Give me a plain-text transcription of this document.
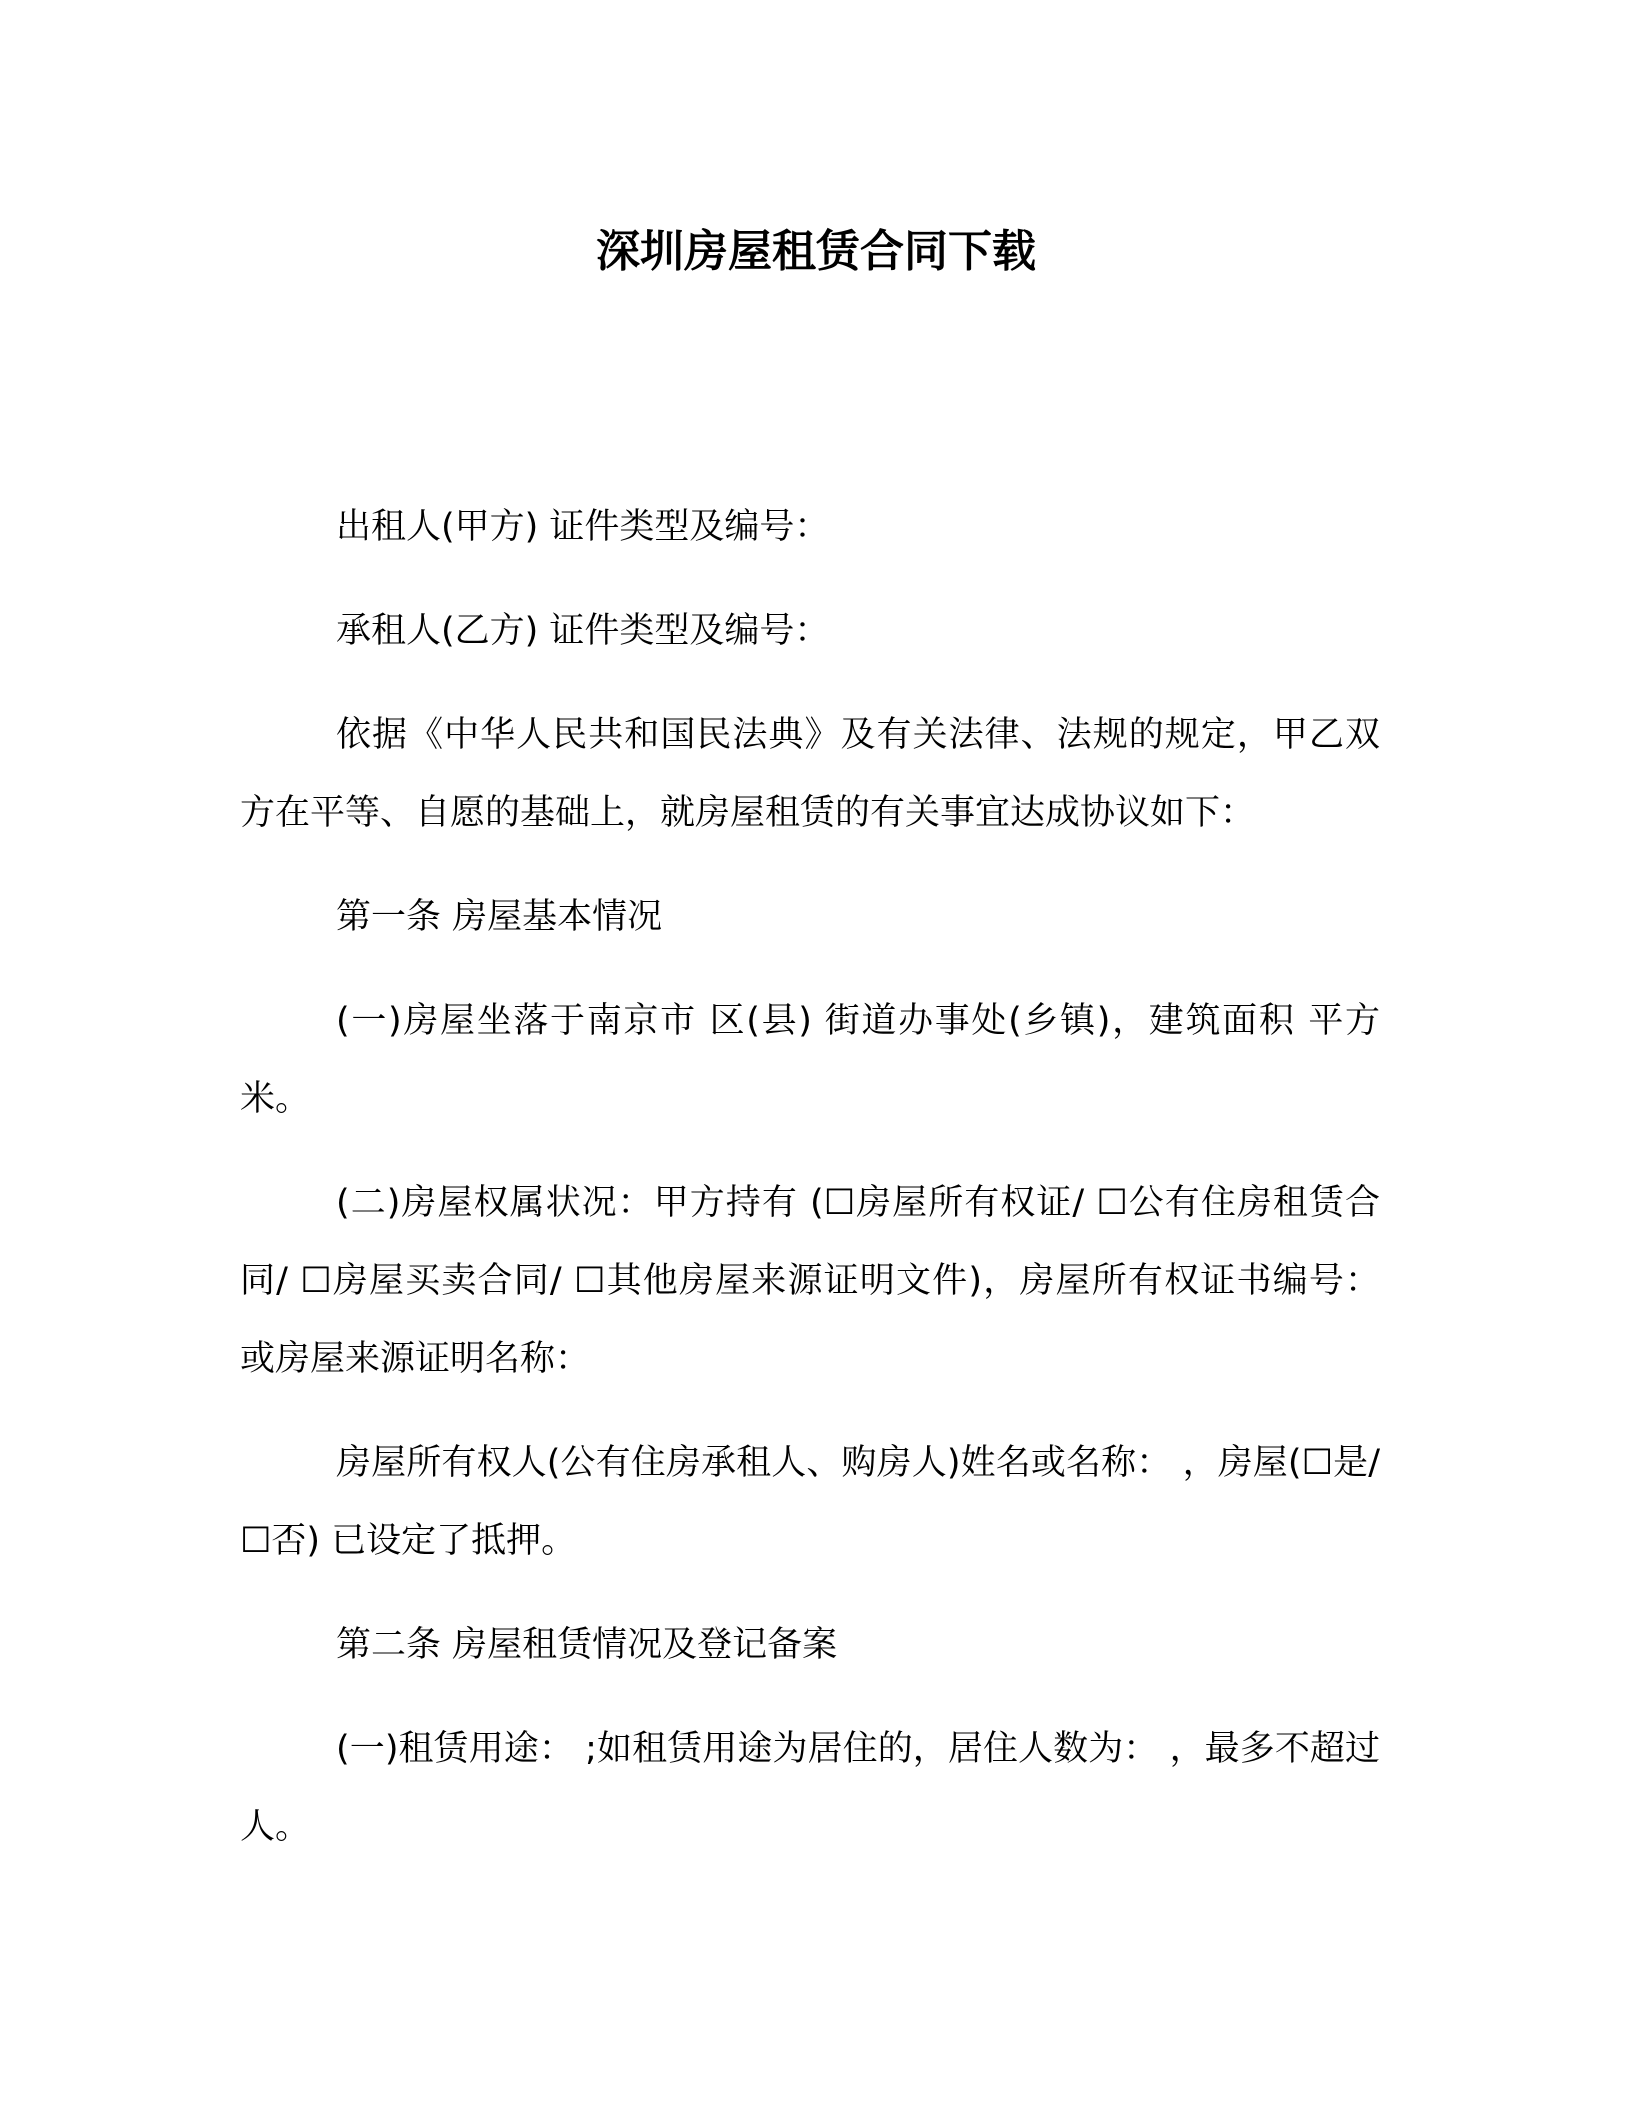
深圳房屋租赁合同下载

出租人(甲方) 证件类型及编号：

承租人(乙方) 证件类型及编号：

依据《中华人民共和国民法典》及有关法律、法规的规定，甲乙双方在平等、自愿的基础上，就房屋租赁的有关事宜达成协议如下：

第一条 房屋基本情况

(一)房屋坐落于南京市 区(县) 街道办事处(乡镇)，建筑面积 平方米。

(二)房屋权属状况：甲方持有 (☐房屋所有权证/ ☐公有住房租赁合同/ ☐房屋买卖合同/ ☐其他房屋来源证明文件)，房屋所有权证书编号： 或房屋来源证明名称：

房屋所有权人(公有住房承租人、购房人)姓名或名称： ，房屋(☐是/ ☐否) 已设定了抵押。

第二条 房屋租赁情况及登记备案

(一)租赁用途： ;如租赁用途为居住的，居住人数为： ，最多不超过 人。
